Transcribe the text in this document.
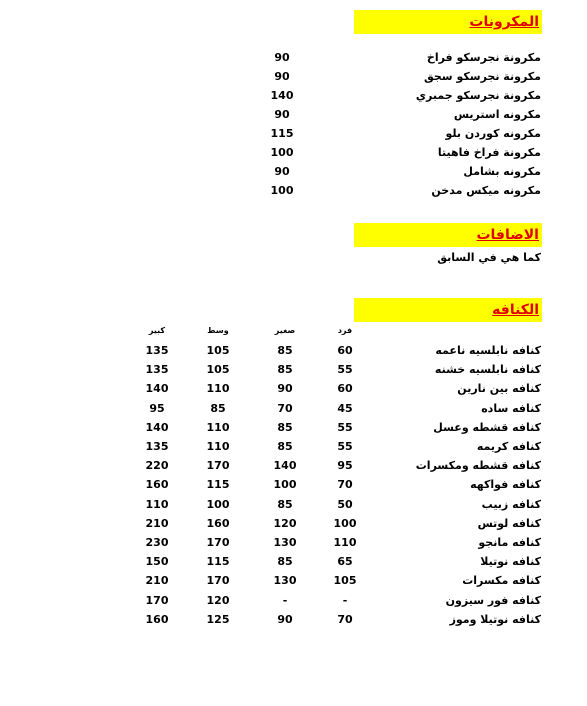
المكرونات
مكرونة نجرسكو فراخ
90
مكرونة نجرسكو سجق
90
مكرونة نجرسكو جمبري
140
مكرونه استريس
90
مكرونه كوردن بلو
115
مكرونة فراخ فاهيتا
100
مكرونه بشامل
90
مكرونه ميكس مدخن
100
الاضافات
كما هي في السابق
الكنافه
فرد
صغير
وسط
كبير
كنافه نابلسيه ناعمه
60
85
105
135
كنافه نابلسيه خشنه
55
85
105
135
كنافه بين نارين
60
90
110
140
كنافه ساده
45
70
85
95
كنافه قشطه وعسل
55
85
110
140
كنافه كريمه
55
85
110
135
كنافه قشطه ومكسرات
95
140
170
220
كنافه فواكهه
70
100
115
160
كنافه زبيب
50
85
100
110
كنافه لوتس
100
120
160
210
كنافه مانجو
110
130
170
230
كنافه نوتيلا
65
85
115
150
كنافه مكسرات
105
130
170
210
كنافه فور سيزون
-
-
120
170
كنافه نوتيلا وموز
70
90
125
160
